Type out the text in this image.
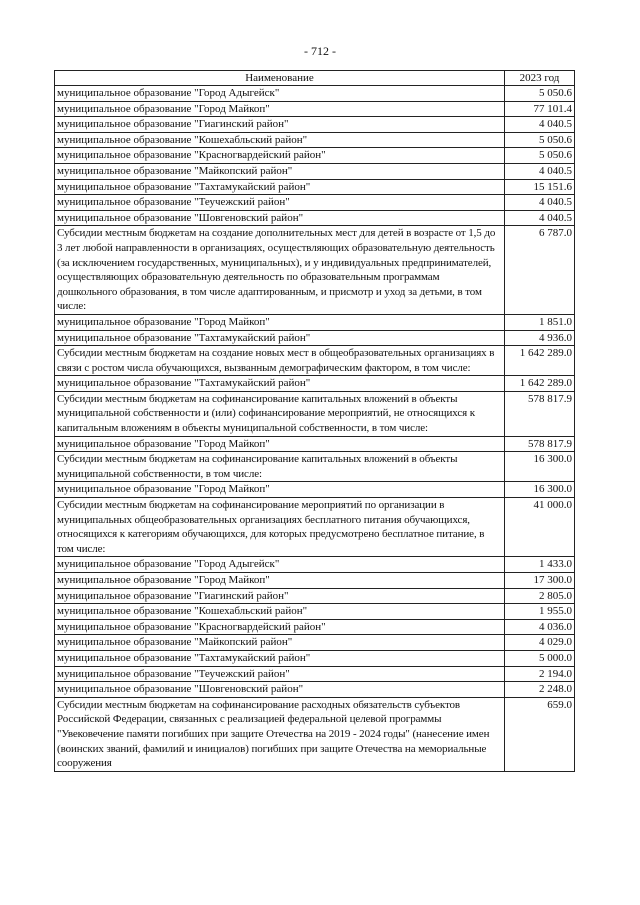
- 712 -
Наименование	2023 год
муниципальное образование "Город Адыгейск"	5 050.6
муниципальное образование "Город Майкоп"	77 101.4
муниципальное образование "Гиагинский район"	4 040.5
муниципальное образование "Кошехабльский район"	5 050.6
муниципальное образование "Красногвардейский район"	5 050.6
муниципальное образование "Майкопский район"	4 040.5
муниципальное образование "Тахтамукайский район"	15 151.6
муниципальное образование "Теучежский район"	4 040.5
муниципальное образование "Шовгеновский район"	4 040.5
Субсидии местным бюджетам на создание дополнительных мест для детей в возрасте от 1,5 до 3 лет любой направленности в организациях, осуществляющих образовательную деятельность (за исключением государственных, муниципальных), и у индивидуальных предпринимателей, осуществляющих образовательную деятельность по образовательным программам дошкольного образования, в том числе адаптированным, и присмотр и уход за детьми, в том числе:	6 787.0
муниципальное образование "Город Майкоп"	1 851.0
муниципальное образование "Тахтамукайский район"	4 936.0
Субсидии местным бюджетам на создание новых мест в общеобразовательных организациях в связи с ростом числа обучающихся, вызванным демографическим фактором, в том числе:	1 642 289.0
муниципальное образование "Тахтамукайский район"	1 642 289.0
Субсидии местным бюджетам на софинансирование капитальных вложений в объекты муниципальной собственности и (или) софинансирование мероприятий, не относящихся к капитальным вложениям в объекты муниципальной собственности, в том числе:	578 817.9
муниципальное образование "Город Майкоп"	578 817.9
Субсидии местным бюджетам на софинансирование капитальных вложений в объекты муниципальной собственности, в том числе:	16 300.0
муниципальное образование "Город Майкоп"	16 300.0
Субсидии местным бюджетам на софинансирование мероприятий по организации в муниципальных общеобразовательных организациях бесплатного питания обучающихся, относящихся к категориям обучающихся, для которых предусмотрено бесплатное питание, в том числе:	41 000.0
муниципальное образование "Город Адыгейск"	1 433.0
муниципальное образование "Город Майкоп"	17 300.0
муниципальное образование "Гиагинский район"	2 805.0
муниципальное образование "Кошехабльский район"	1 955.0
муниципальное образование "Красногвардейский район"	4 036.0
муниципальное образование "Майкопский район"	4 029.0
муниципальное образование "Тахтамукайский район"	5 000.0
муниципальное образование "Теучежский район"	2 194.0
муниципальное образование "Шовгеновский район"	2 248.0
Субсидии местным бюджетам на софинансирование расходных обязательств субъектов Российской Федерации, связанных с реализацией федеральной целевой программы "Увековечение памяти погибших при защите Отечества на 2019 - 2024 годы" (нанесение имен (воинских званий, фамилий и инициалов) погибших при защите Отечества на мемориальные сооружения	659.0
